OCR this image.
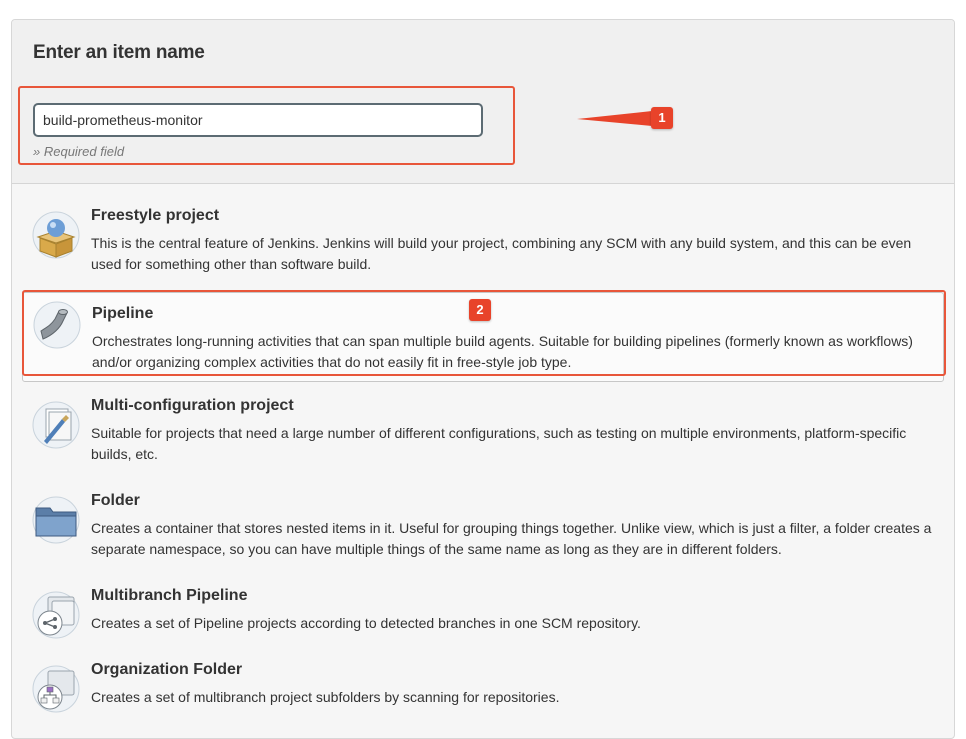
Enter an item name
build-prometheus-monitor
» Required field
Freestyle project
This is the central feature of Jenkins. Jenkins will build your project, combining any SCM with any build system, and this can be even used for something other than software build.
Pipeline
Orchestrates long-running activities that can span multiple build agents. Suitable for building pipelines (formerly known as workflows) and/or organizing complex activities that do not easily fit in free-style job type.
Multi-configuration project
Suitable for projects that need a large number of different configurations, such as testing on multiple environments, platform-specific builds, etc.
Folder
Creates a container that stores nested items in it. Useful for grouping things together. Unlike view, which is just a filter, a folder creates a separate namespace, so you can have multiple things of the same name as long as they are in different folders.
Multibranch Pipeline
Creates a set of Pipeline projects according to detected branches in one SCM repository.
Organization Folder
Creates a set of multibranch project subfolders by scanning for repositories.
1
2
